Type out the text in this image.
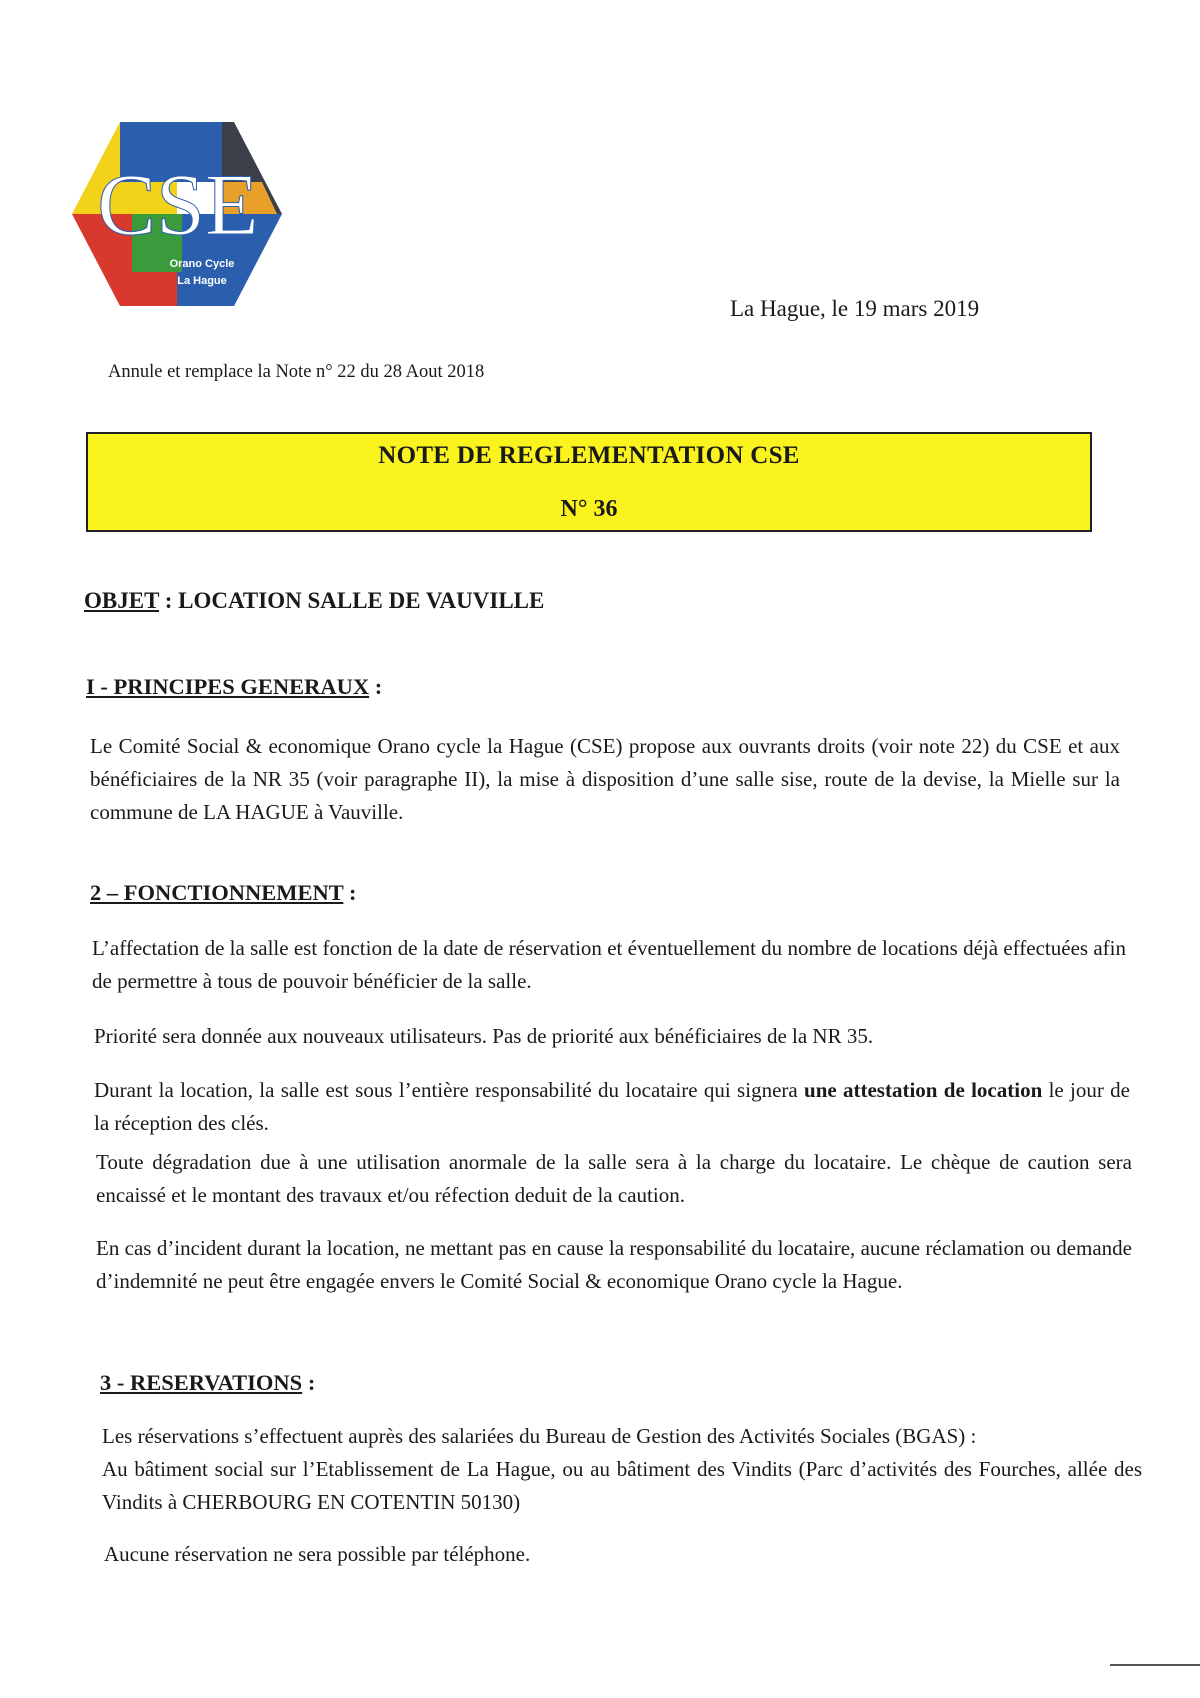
CSE
Orano Cycle
La Hague
La Hague, le 19 mars 2019
Annule et remplace la Note n° 22 du 28 Aout 2018
NOTE DE REGLEMENTATION CSE
N° 36
OBJET : LOCATION SALLE DE VAUVILLE
I - PRINCIPES GENERAUX :
Le Comité Social & economique Orano cycle la Hague (CSE) propose aux ouvrants droits (voir note 22) du CSE et aux bénéficiaires de la NR 35 (voir paragraphe II), la mise à disposition d’une salle sise, route de la devise, la Mielle sur la commune de LA HAGUE à Vauville.
2 – FONCTIONNEMENT :
L’affectation de la salle est fonction de la date de réservation et éventuellement du nombre de locations déjà effectuées afin de permettre à tous de pouvoir bénéficier de la salle.
Priorité sera donnée aux nouveaux utilisateurs. Pas de priorité aux bénéficiaires de la NR 35.
Durant la location, la salle est sous l’entière responsabilité du locataire qui signera une attestation de location le jour de la réception des clés.
Toute dégradation due à une utilisation anormale de la salle sera à la charge du locataire. Le chèque de caution sera encaissé et le montant des travaux et/ou réfection deduit de la caution.
En cas d’incident durant la location, ne mettant pas en cause la responsabilité du locataire, aucune réclamation ou demande d’indemnité ne peut être engagée envers le Comité Social & economique Orano cycle la Hague.
3 - RESERVATIONS :
Les réservations s’effectuent auprès des salariées du Bureau de Gestion des Activités Sociales (BGAS) :
Au bâtiment social sur l’Etablissement de La Hague, ou au bâtiment des Vindits (Parc d’activités des Fourches, allée des Vindits à CHERBOURG EN COTENTIN 50130)
Aucune réservation ne sera possible par téléphone.
